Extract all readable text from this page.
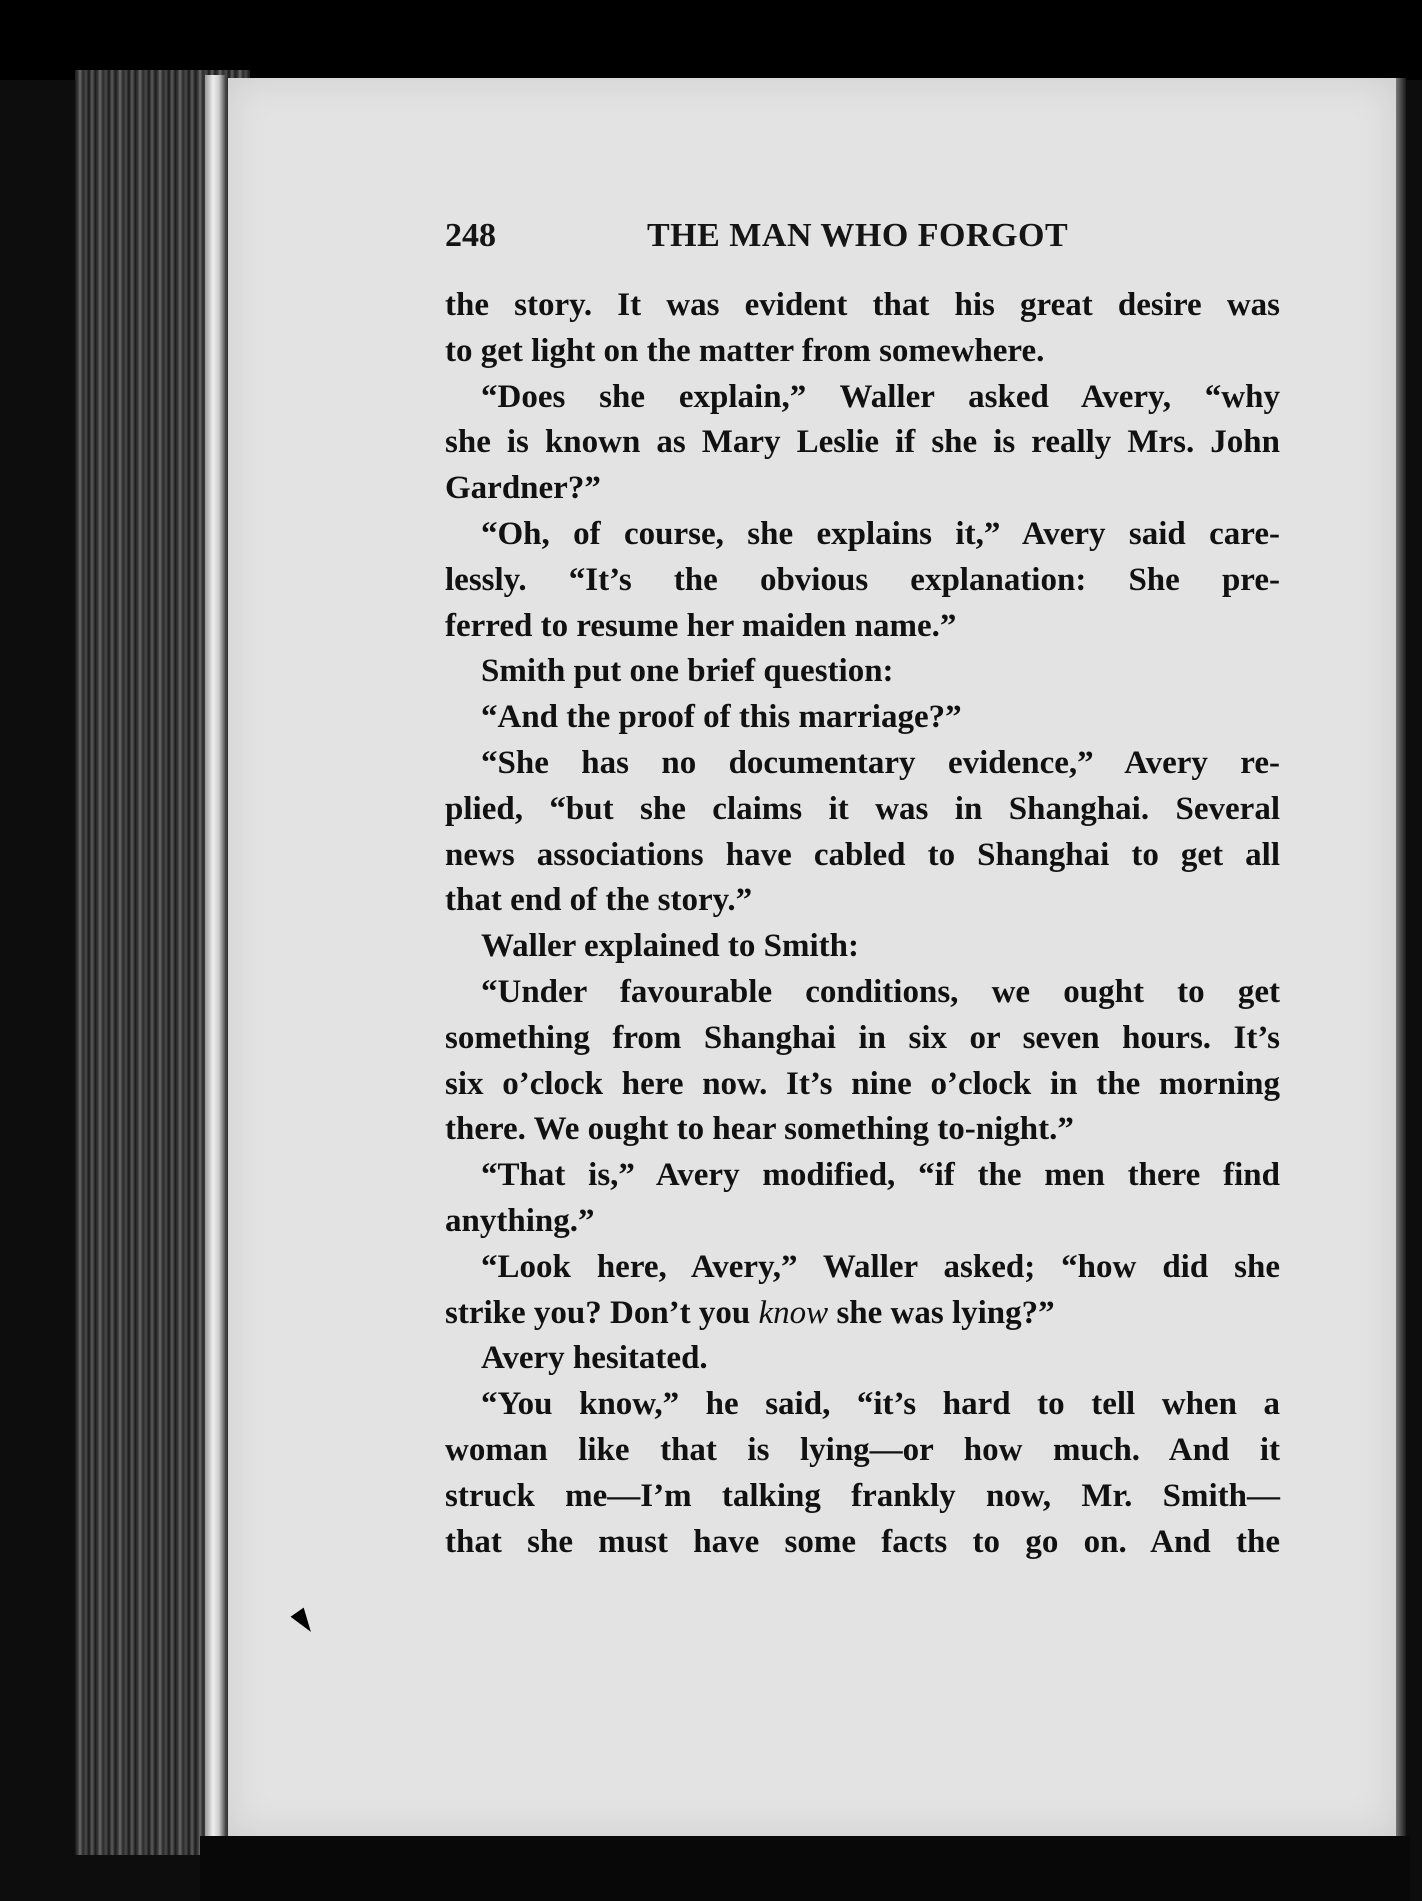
248	THE MAN WHO FORGOT
the story. It was evident that his great desire was
to get light on the matter from somewhere.
“Does she explain,” Waller asked Avery, “why
she is known as Mary Leslie if she is really Mrs. John
Gardner?”
“Oh, of course, she explains it,” Avery said care-
lessly. “It’s the obvious explanation: She pre-
ferred to resume her maiden name.”
Smith put one brief question:
“And the proof of this marriage?”
“She has no documentary evidence,” Avery re-
plied, “but she claims it was in Shanghai. Several
news associations have cabled to Shanghai to get all
that end of the story.”
Waller explained to Smith:
“Under favourable conditions, we ought to get
something from Shanghai in six or seven hours. It’s
six o’clock here now. It’s nine o’clock in the morning
there. We ought to hear something to-night.”
“That is,” Avery modified, “if the men there find
anything.”
“Look here, Avery,” Waller asked; “how did she
strike you? Don’t you know she was lying?”
Avery hesitated.
“You know,” he said, “it’s hard to tell when a
woman like that is lying—or how much. And it
struck me—I’m talking frankly now, Mr. Smith—
that she must have some facts to go on. And the
